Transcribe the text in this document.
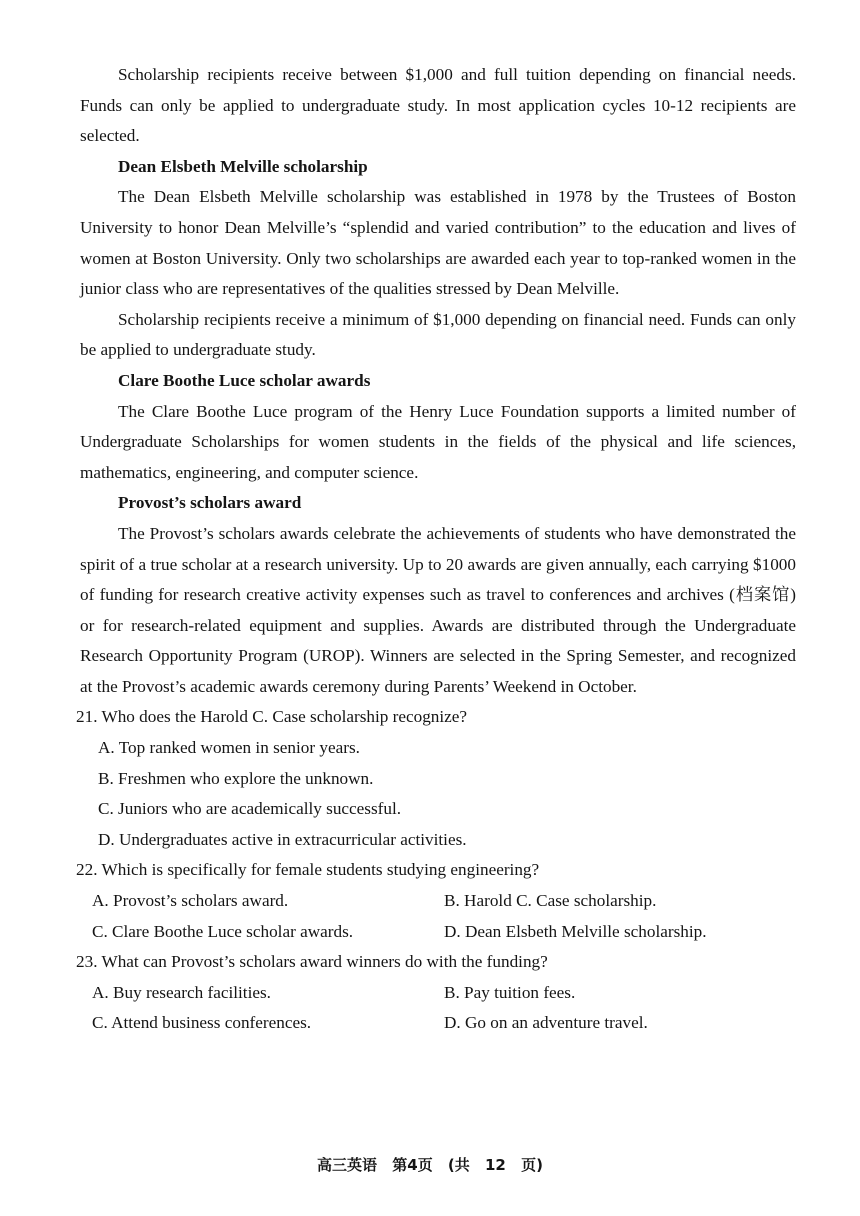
Scholarship recipients receive between $1,000 and full tuition depending on financial needs. Funds can only be applied to undergraduate study. In most application cycles 10-12 recipients are selected.

Dean Elsbeth Melville scholarship

The Dean Elsbeth Melville scholarship was established in 1978 by the Trustees of Boston University to honor Dean Melville’s “splendid and varied contribution” to the education and lives of women at Boston University. Only two scholarships are awarded each year to top-ranked women in the junior class who are representatives of the qualities stressed by Dean Melville.

Scholarship recipients receive a minimum of $1,000 depending on financial need. Funds can only be applied to undergraduate study.

Clare Boothe Luce scholar awards

The Clare Boothe Luce program of the Henry Luce Foundation supports a limited number of Undergraduate Scholarships for women students in the fields of the physical and life sciences, mathematics, engineering, and computer science.

Provost’s scholars award

The Provost’s scholars awards celebrate the achievements of students who have demonstrated the spirit of a true scholar at a research university. Up to 20 awards are given annually, each carrying $1000 of funding for research creative activity expenses such as travel to conferences and archives (档案馆) or for research-related equipment and supplies. Awards are distributed through the Undergraduate Research Opportunity Program (UROP). Winners are selected in the Spring Semester, and recognized at the Provost’s academic awards ceremony during Parents’ Weekend in October.

21. Who does the Harold C. Case scholarship recognize?

A. Top ranked women in senior years.

B. Freshmen who explore the unknown.

C. Juniors who are academically successful.

D. Undergraduates active in extracurricular activities.

22. Which is specifically for female students studying engineering?

A. Provost’s scholars award.	B. Harold C. Case scholarship.
C. Clare Boothe Luce scholar awards.	D. Dean Elsbeth Melville scholarship.

23. What can Provost’s scholars award winners do with the funding?

A. Buy research facilities.	B. Pay tuition fees.
C. Attend business conferences.	D. Go on an adventure travel.
高三英语 第4页 (共 12 页)
